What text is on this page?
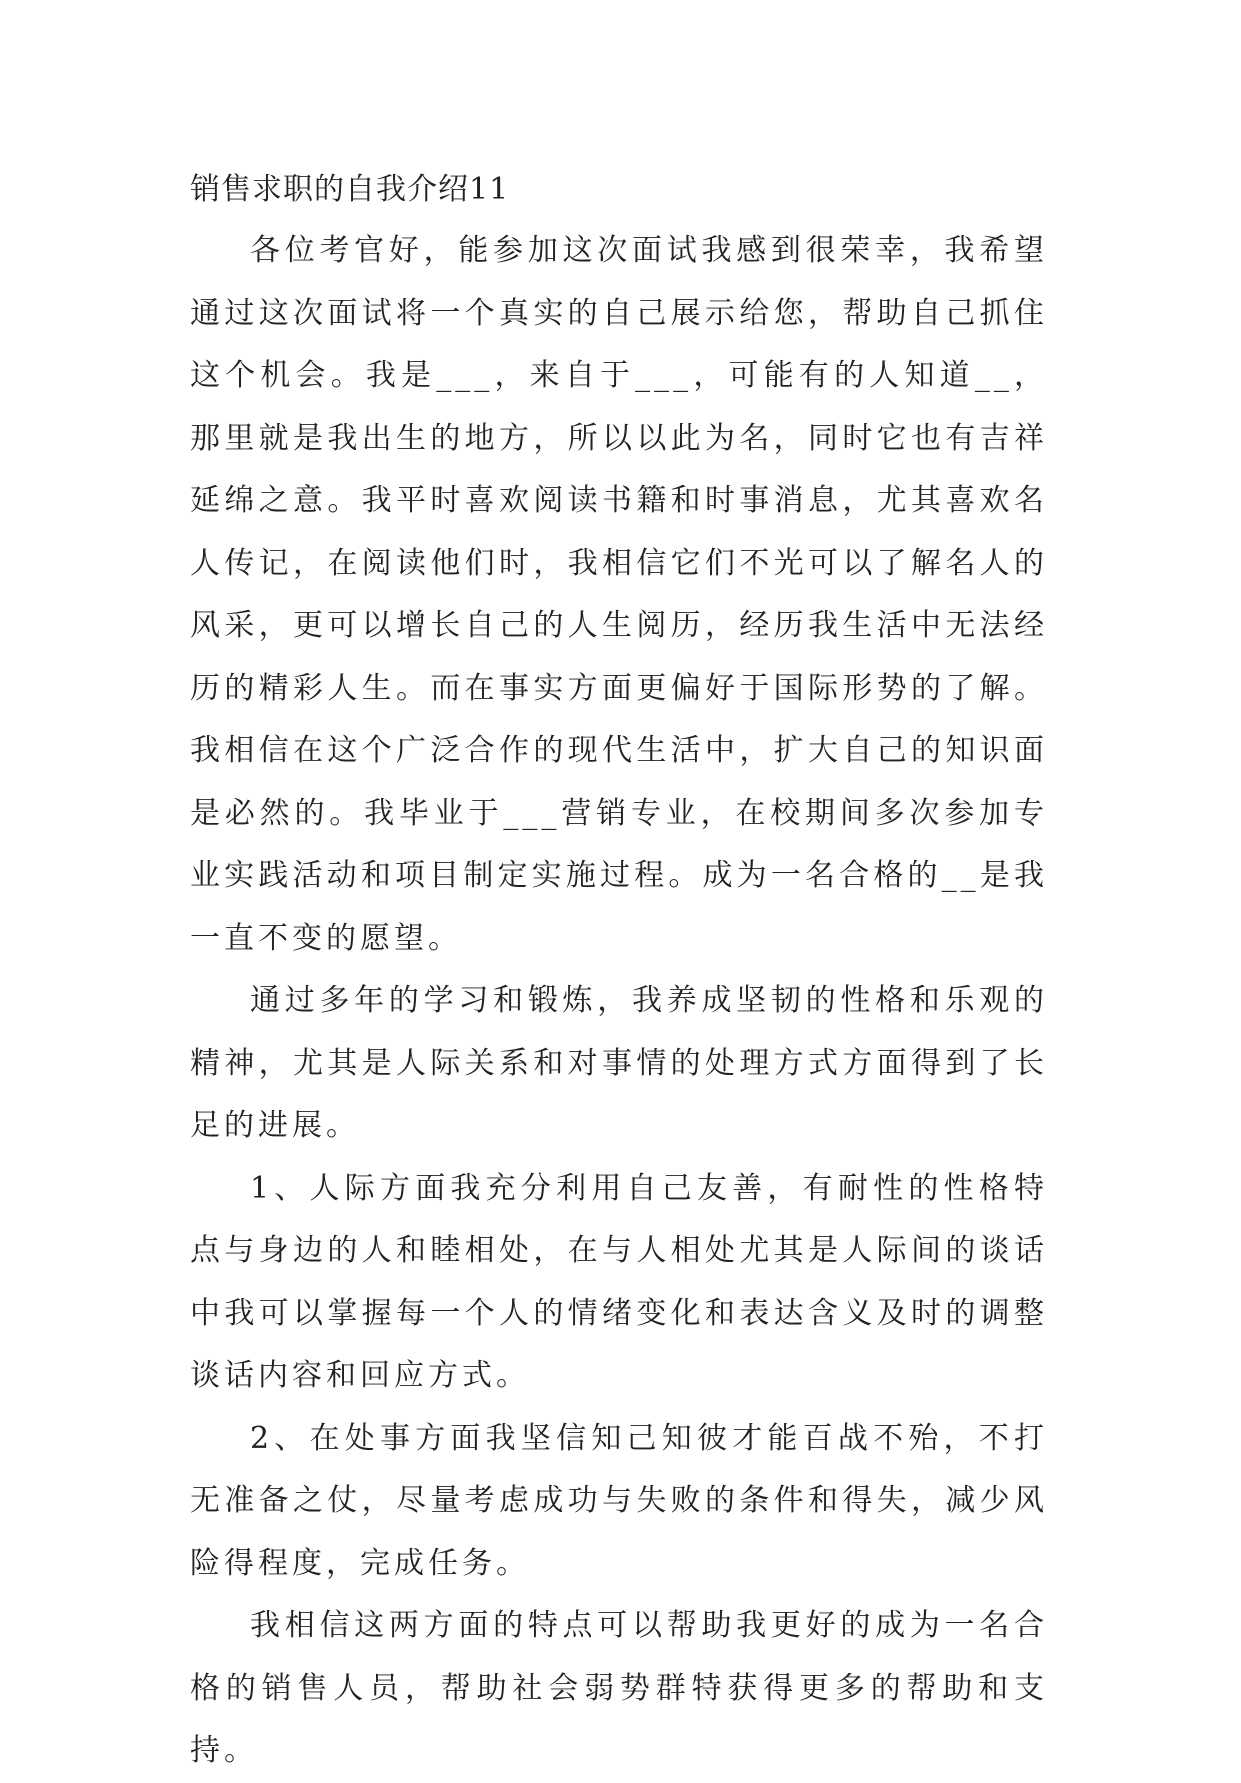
销售求职的自我介绍11

各位考官好，能参加这次面试我感到很荣幸，我希望通过这次面试将一个真实的自己展示给您，帮助自己抓住这个机会。我是___，来自于___，可能有的人知道__，那里就是我出生的地方，所以以此为名，同时它也有吉祥延绵之意。我平时喜欢阅读书籍和时事消息，尤其喜欢名人传记，在阅读他们时，我相信它们不光可以了解名人的风采，更可以增长自己的人生阅历，经历我生活中无法经历的精彩人生。而在事实方面更偏好于国际形势的了解。我相信在这个广泛合作的现代生活中，扩大自己的知识面是必然的。我毕业于___营销专业，在校期间多次参加专业实践活动和项目制定实施过程。成为一名合格的__是我一直不变的愿望。

通过多年的学习和锻炼，我养成坚韧的性格和乐观的精神，尤其是人际关系和对事情的处理方式方面得到了长足的进展。

1、人际方面我充分利用自己友善，有耐性的性格特点与身边的人和睦相处，在与人相处尤其是人际间的谈话中我可以掌握每一个人的情绪变化和表达含义及时的调整谈话内容和回应方式。

2、在处事方面我坚信知己知彼才能百战不殆，不打无准备之仗，尽量考虑成功与失败的条件和得失，减少风险得程度，完成任务。

我相信这两方面的特点可以帮助我更好的成为一名合格的销售人员，帮助社会弱势群特获得更多的帮助和支持。
